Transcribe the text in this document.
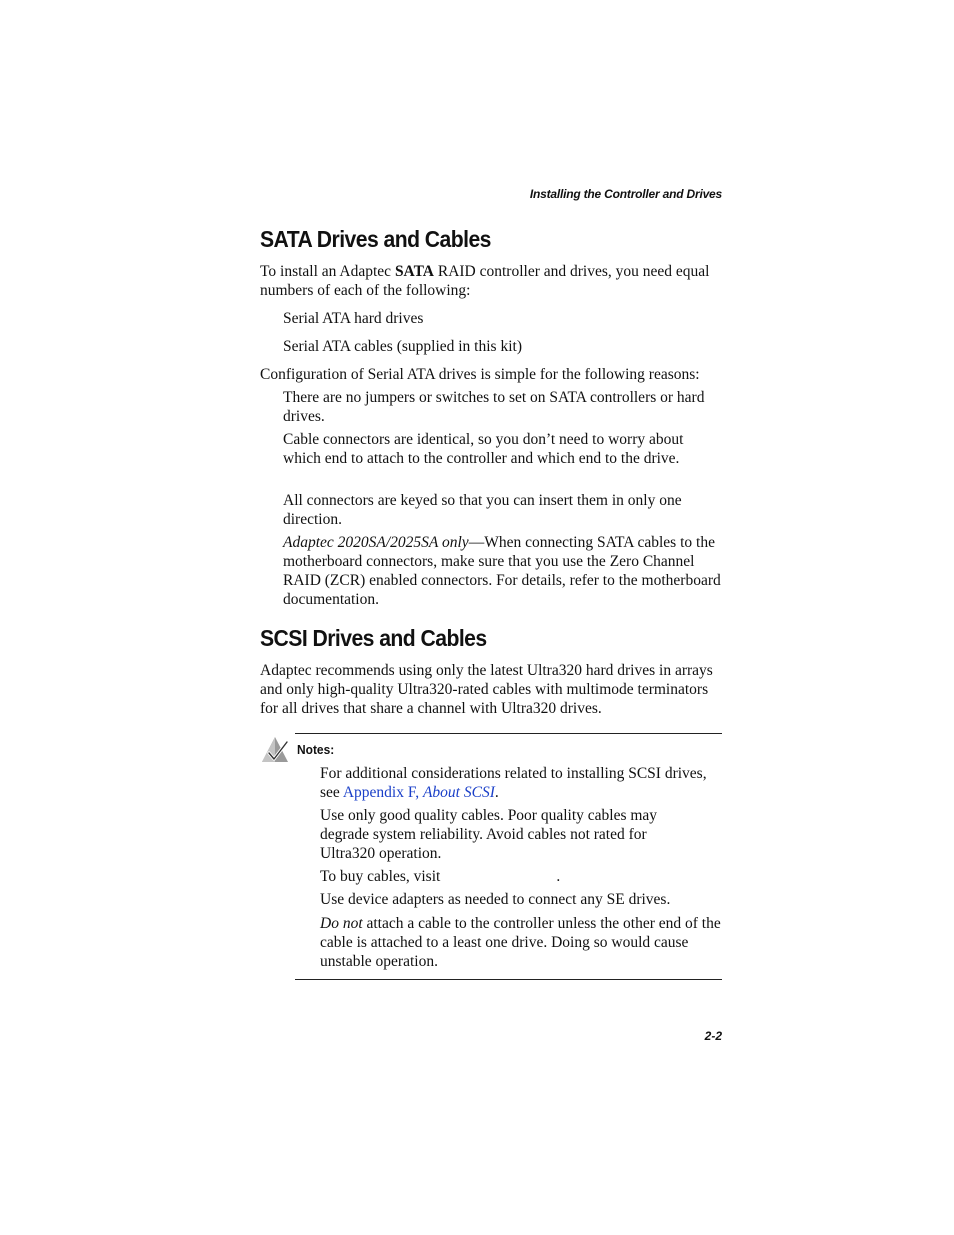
Installing the Controller and Drives
SATA Drives and Cables

To install an Adaptec SATA RAID controller and drives, you need equal numbers of each of the following:

Serial ATA hard drives

Serial ATA cables (supplied in this kit)

Configuration of Serial ATA drives is simple for the following reasons:

There are no jumpers or switches to set on SATA controllers or hard drives.

Cable connectors are identical, so you don’t need to worry about which end to attach to the controller and which end to the drive.

All connectors are keyed so that you can insert them in only one direction.

Adaptec 2020SA/2025SA only—When connecting SATA cables to the motherboard connectors, make sure that you use the Zero Channel RAID (ZCR) enabled connectors. For details, refer to the motherboard documentation.

SCSI Drives and Cables

Adaptec recommends using only the latest Ultra320 hard drives in arrays and only high-quality Ultra320-rated cables with multimode terminators for all drives that share a channel with Ultra320 drives.

Notes:

For additional considerations related to installing SCSI drives, see Appendix F, About SCSI.

Use only good quality cables. Poor quality cables may degrade system reliability. Avoid cables not rated for Ultra320 operation.

To buy cables, visit	.

Use device adapters as needed to connect any SE drives.

Do not attach a cable to the controller unless the other end of the cable is attached to a least one drive. Doing so would cause unstable operation.

2-2
